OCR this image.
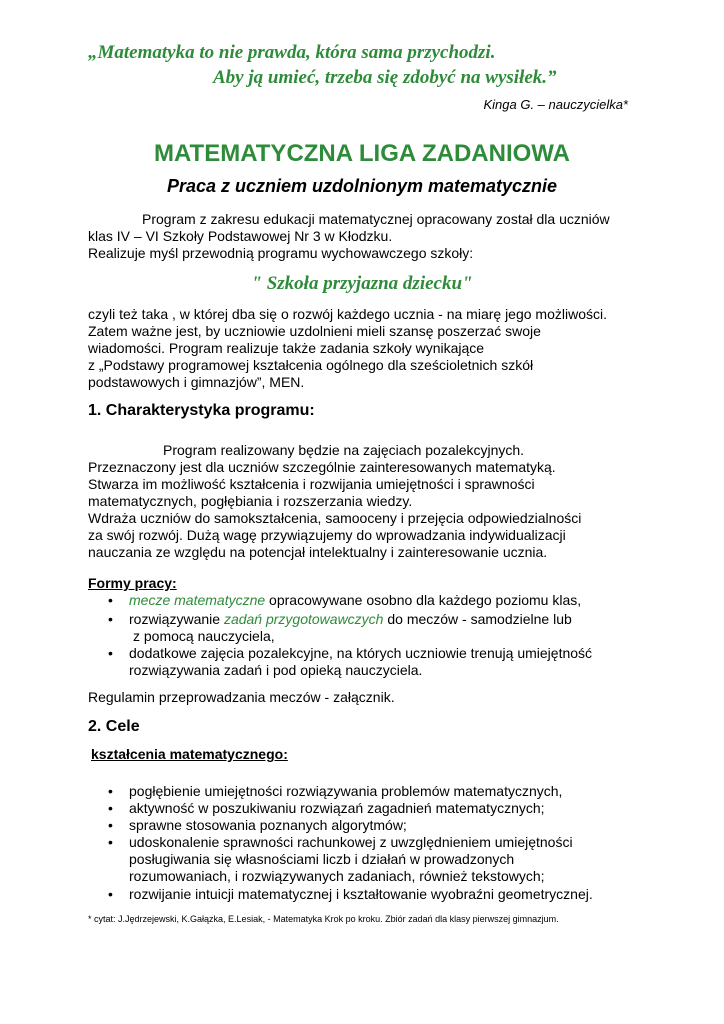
„Matematyka to nie prawda, która sama przychodzi.
Aby ją umieć, trzeba się zdobyć na wysiłek.”
Kinga G. – nauczycielka*
MATEMATYCZNA LIGA ZADANIOWA
Praca z uczniem uzdolnionym matematycznie
Program z zakresu edukacji matematycznej opracowany został dla uczniów
klas IV – VI Szkoły Podstawowej Nr 3 w Kłodzku.
Realizuje myśl przewodnią programu wychowawczego szkoły:
" Szkoła przyjazna dziecku"
czyli też taka , w której dba się o rozwój każdego ucznia - na miarę jego możliwości.
Zatem ważne jest, by uczniowie uzdolnieni mieli szansę poszerzać swoje
wiadomości. Program realizuje także zadania szkoły wynikające
z „Podstawy programowej kształcenia ogólnego dla sześcioletnich szkół
podstawowych i gimnazjów”, MEN.
1. Charakterystyka programu:
Program realizowany będzie na zajęciach pozalekcyjnych.
Przeznaczony jest dla uczniów szczególnie zainteresowanych matematyką.
Stwarza im możliwość kształcenia i rozwijania umiejętności i sprawności
matematycznych, pogłębiania i rozszerzania wiedzy.
Wdraża uczniów do samokształcenia, samooceny i przejęcia odpowiedzialności
za swój rozwój. Dużą wagę przywiązujemy do wprowadzania indywidualizacji
nauczania ze względu na potencjał intelektualny i zainteresowanie ucznia.
Formy pracy:
• mecze matematyczne opracowywane osobno dla każdego poziomu klas,
• rozwiązywanie zadań przygotowawczych do meczów - samodzielne lub
z pomocą nauczyciela,
• dodatkowe zajęcia pozalekcyjne, na których uczniowie trenują umiejętność
rozwiązywania zadań i pod opieką nauczyciela.
Regulamin przeprowadzania meczów - załącznik.
2. Cele
kształcenia matematycznego:
• pogłębienie umiejętności rozwiązywania problemów matematycznych,
• aktywność w poszukiwaniu rozwiązań zagadnień matematycznych;
• sprawne stosowania poznanych algorytmów;
• udoskonalenie sprawności rachunkowej z uwzględnieniem umiejętności
posługiwania się własnościami liczb i działań w prowadzonych
rozumowaniach, i rozwiązywanych zadaniach, również tekstowych;
• rozwijanie intuicji matematycznej i kształtowanie wyobraźni geometrycznej.
* cytat: J.Jędrzejewski, K.Gałązka, E.Lesiak, - Matematyka Krok po kroku. Zbiór zadań dla klasy pierwszej gimnazjum.
